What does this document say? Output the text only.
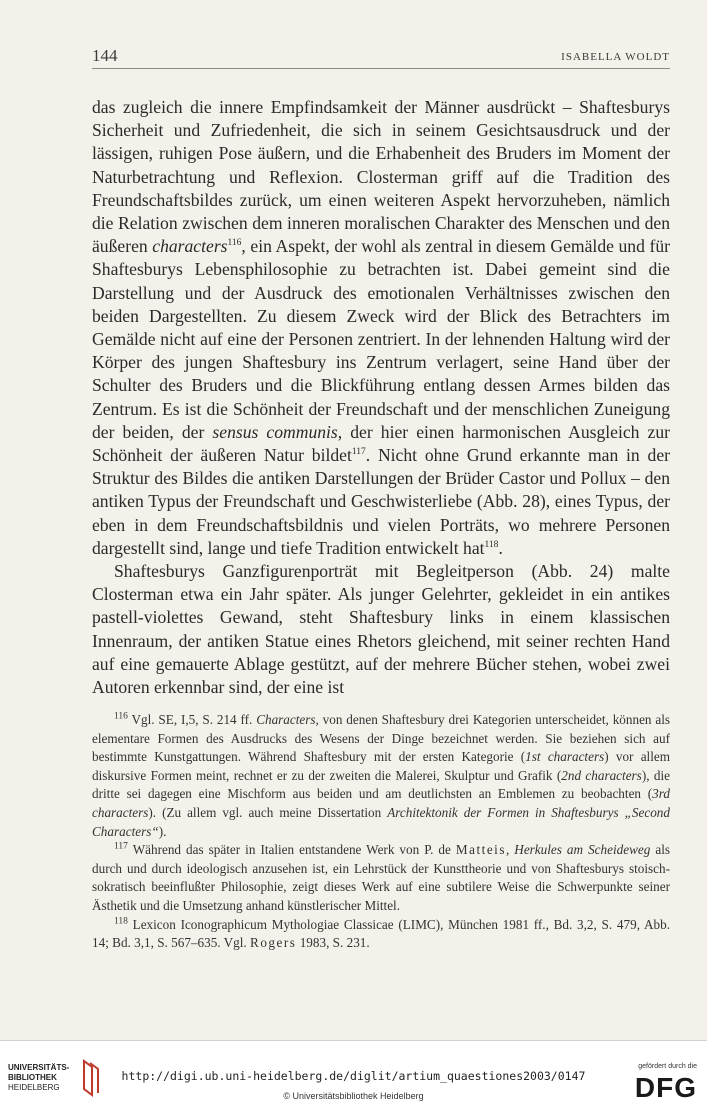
144	ISABELLA WOLDT

das zugleich die innere Empfindsamkeit der Männer ausdrückt – Shaftesburys Sicherheit und Zufriedenheit, die sich in seinem Gesichtsausdruck und der lässigen, ruhigen Pose äußern, und die Erhabenheit des Bruders im Moment der Naturbetrachtung und Reflexion. Closterman griff auf die Tradition des Freundschaftsbildes zurück, um einen weiteren Aspekt hervorzuheben, nämlich die Relation zwischen dem inneren moralischen Charakter des Menschen und den äußeren characters$^{116}$, ein Aspekt, der wohl als zentral in diesem Gemälde und für Shaftesburys Lebensphilosophie zu betrachten ist. Dabei gemeint sind die Darstellung und der Ausdruck des emotionalen Verhältnisses zwischen den beiden Dargestellten. Zu diesem Zweck wird der Blick des Betrachters im Gemälde nicht auf eine der Personen zentriert. In der lehnenden Haltung wird der Körper des jungen Shaftesbury ins Zentrum verlagert, seine Hand über der Schulter des Bruders und die Blickführung entlang dessen Armes bilden das Zentrum. Es ist die Schönheit der Freundschaft und der menschlichen Zuneigung der beiden, der sensus communis, der hier einen harmonischen Ausgleich zur Schönheit der äußeren Natur bildet$^{117}$. Nicht ohne Grund erkannte man in der Struktur des Bildes die antiken Darstellungen der Brüder Castor und Pollux – den antiken Typus der Freundschaft und Geschwisterliebe (Abb. 28), eines Typus, der eben in dem Freundschaftsbildnis und vielen Porträts, wo mehrere Personen dargestellt sind, lange und tiefe Tradition entwickelt hat$^{118}$.

Shaftesburys Ganzfigurenporträt mit Begleitperson (Abb. 24) malte Closterman etwa ein Jahr später. Als junger Gelehrter, gekleidet in ein antikes pastell-violettes Gewand, steht Shaftesbury links in einem klassischen Innenraum, der antiken Statue eines Rhetors gleichend, mit seiner rechten Hand auf eine gemauerte Ablage gestützt, auf der mehrere Bücher stehen, wobei zwei Autoren erkennbar sind, der eine ist

$^{116}$ Vgl. SE, I,5, S. 214 ff. Characters, von denen Shaftesbury drei Kategorien unterscheidet, können als elementare Formen des Ausdrucks des Wesens der Dinge bezeichnet werden. Sie beziehen sich auf bestimmte Kunstgattungen. Während Shaftesbury mit der ersten Kategorie (1st characters) vor allem diskursive Formen meint, rechnet er zu der zweiten die Malerei, Skulptur und Grafik (2nd characters), die dritte sei dagegen eine Mischform aus beiden und am deutlichsten an Emblemen zu beobachten (3rd characters). (Zu allem vgl. auch meine Dissertation Architektonik der Formen in Shaftesburys „Second Characters“).

$^{117}$ Während das später in Italien entstandene Werk von P. de Matteis, Herkules am Scheideweg als durch und durch ideologisch anzusehen ist, ein Lehrstück der Kunsttheorie und von Shaftesburys stoisch-sokratisch beeinflußter Philosophie, zeigt dieses Werk auf eine subtilere Weise die Schwerpunkte seiner Ästhetik und die Umsetzung anhand künstlerischer Mittel.

$^{118}$ Lexicon Iconographicum Mythologiae Classicae (LIMC), München 1981 ff., Bd. 3,2, S. 479, Abb. 14; Bd. 3,1, S. 567–635. Vgl. Rogers 1983, S. 231.

UNIVERSITÄTS-
BIBLIOTHEK
HEIDELBERG
http://digi.ub.uni-heidelberg.de/diglit/artium_quaestiones2003/0147
© Universitätsbibliothek Heidelberg
gefördert durch die
DFG
